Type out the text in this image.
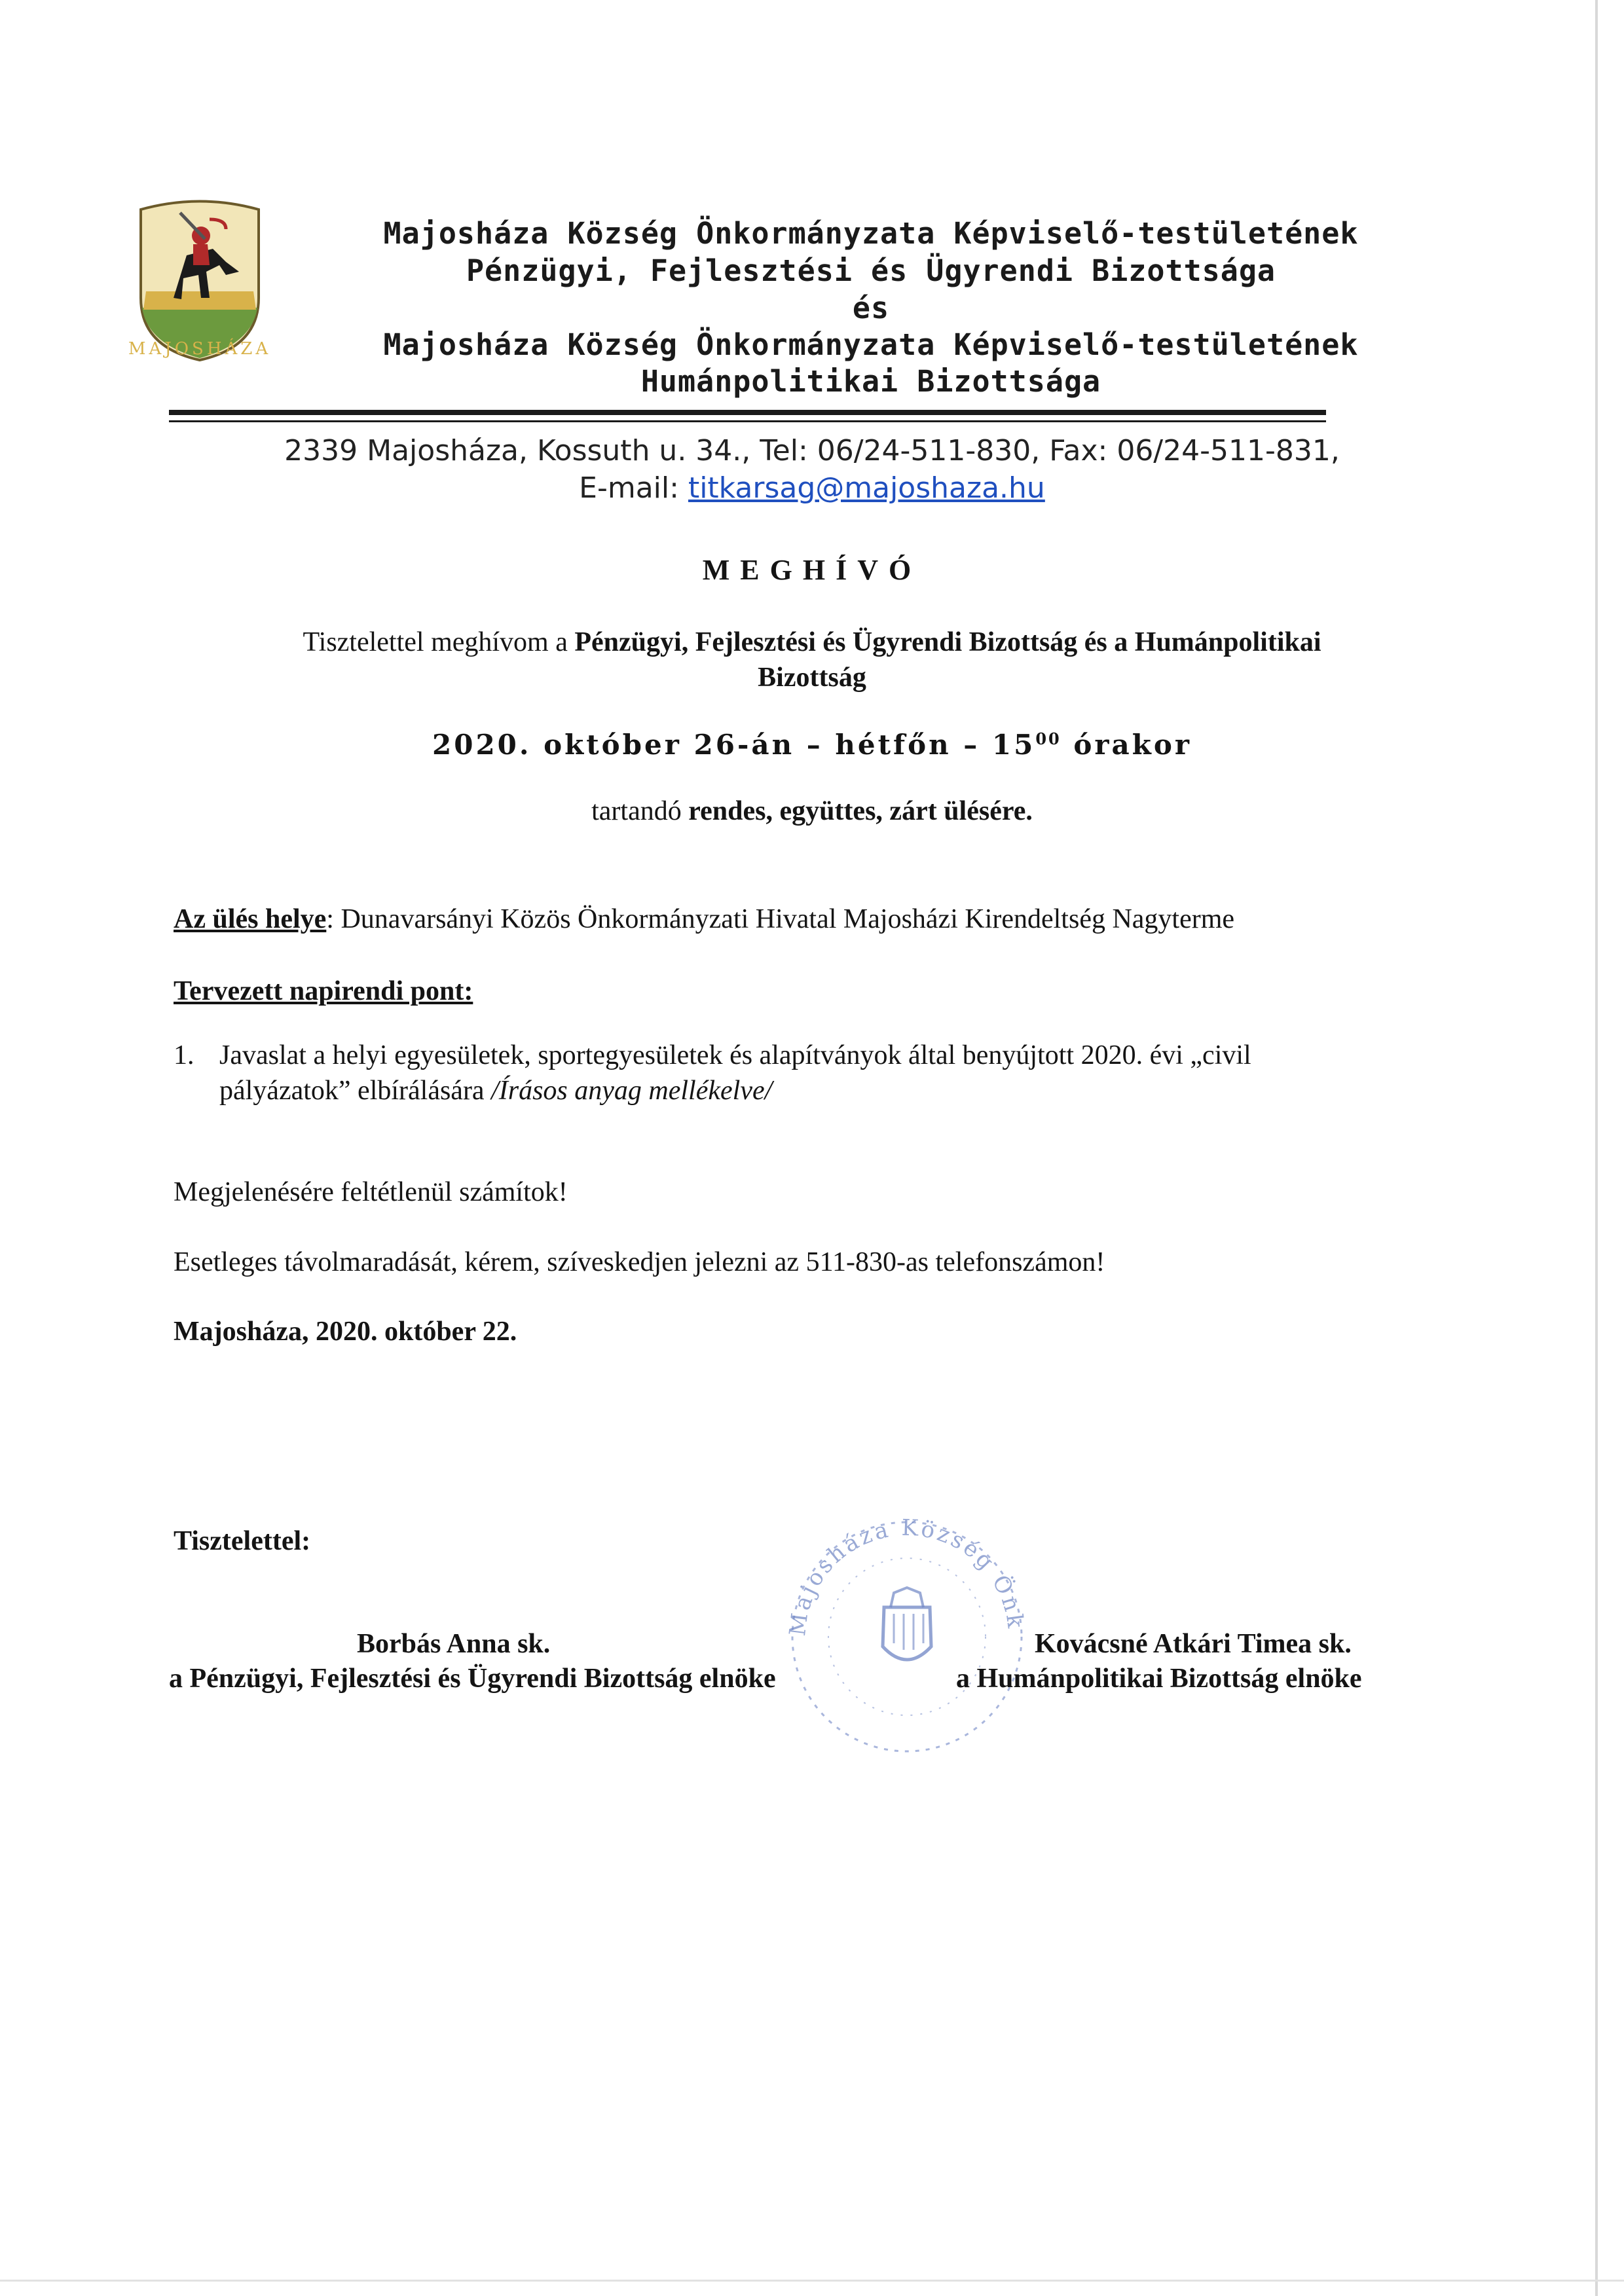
MAJOSHÁZA
Majosháza Község Önkormányzata Képviselő-testületének
Pénzügyi, Fejlesztési és Ügyrendi Bizottsága
és
Majosháza Község Önkormányzata Képviselő-testületének
Humánpolitikai Bizottsága
2339 Majosháza, Kossuth u. 34., Tel: 06/24-511-830, Fax: 06/24-511-831,
E-mail: titkarsag@majoshaza.hu
MEGHÍVÓ
Tisztelettel meghívom a Pénzügyi, Fejlesztési és Ügyrendi Bizottság és a Humánpolitikai
Bizottság
2020. október 26-án – hétfőn – $15^{00}$ órakor
tartandó rendes, együttes, zárt ülésére.
Az ülés helye: Dunavarsányi Közös Önkormányzati Hivatal Majosházi Kirendeltség Nagyterme
Tervezett napirendi pont:
1. Javaslat a helyi egyesületek, sportegyesületek és alapítványok által benyújtott 2020. évi „civil
pályázatok” elbírálására /Írásos anyag mellékelve/
Megjelenésére feltétlenül számítok!
Esetleges távolmaradását, kérem, szíveskedjen jelezni az 511-830-as telefonszámon!
Majosháza, 2020. október 22.
Tisztelettel:
Majosháza Község Önk
Borbás Anna sk.
a Pénzügyi, Fejlesztési és Ügyrendi Bizottság elnöke
Kovácsné Atkári Timea sk.
a Humánpolitikai Bizottság elnöke
